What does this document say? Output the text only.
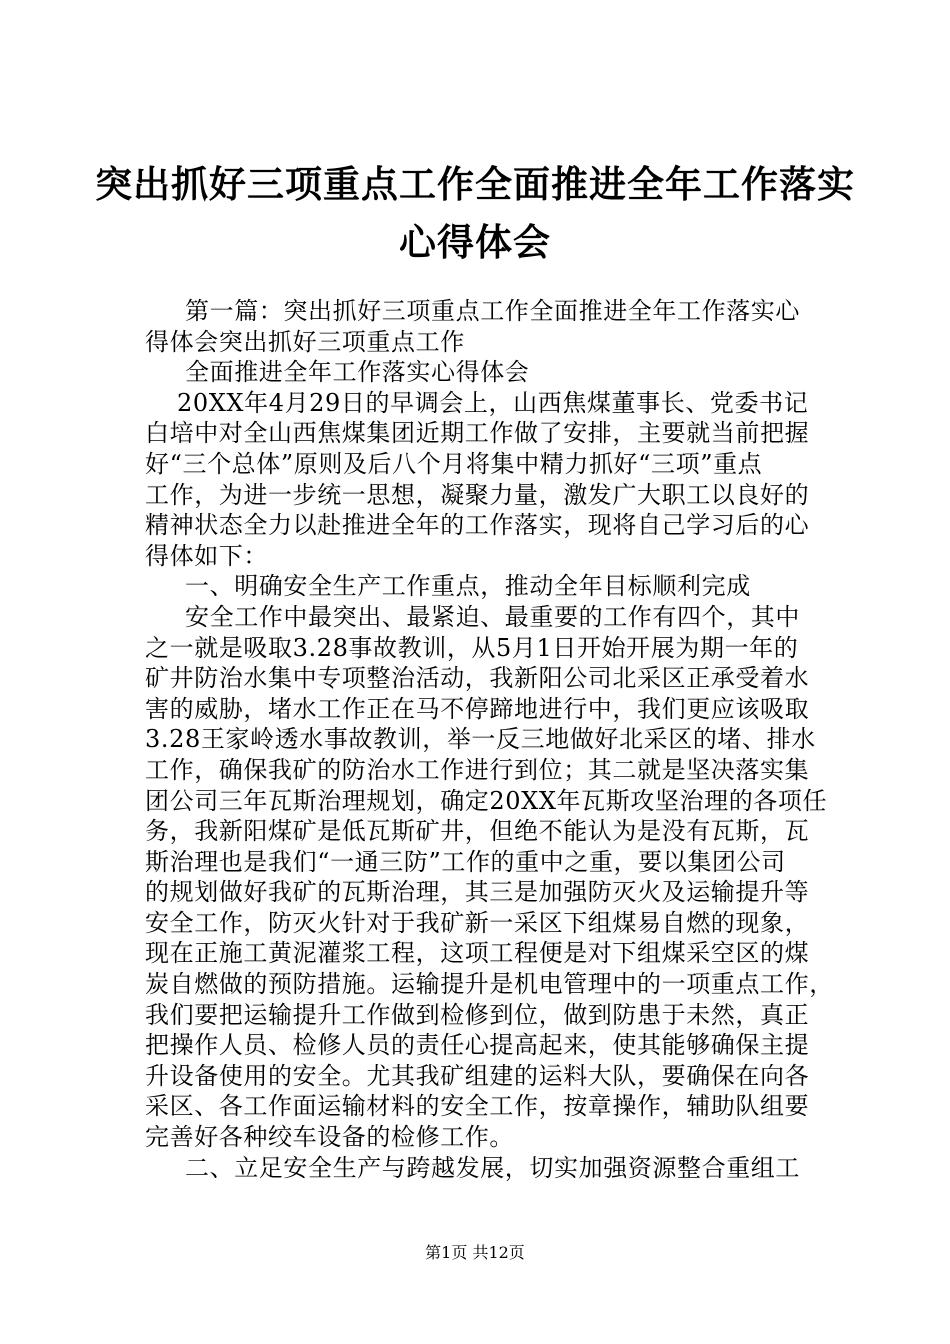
突出抓好三项重点工作全面推进全年工作落实
心得体会
第一篇：突出抓好三项重点工作全面推进全年工作落实心
得体会突出抓好三项重点工作
全面推进全年工作落实心得体会
20XX年4月29日的早调会上，山西焦煤董事长、党委书记
白培中对全山西焦煤集团近期工作做了安排，主要就当前把握
好“三个总体”原则及后八个月将集中精力抓好“三项”重点
工作，为进一步统一思想，凝聚力量，激发广大职工以良好的
精神状态全力以赴推进全年的工作落实，现将自己学习后的心
得体如下：
一、明确安全生产工作重点，推动全年目标顺利完成
安全工作中最突出、最紧迫、最重要的工作有四个，其中
之一就是吸取3.28事故教训，从5月1日开始开展为期一年的
矿井防治水集中专项整治活动，我新阳公司北采区正承受着水
害的威胁，堵水工作正在马不停蹄地进行中，我们更应该吸取
3.28王家岭透水事故教训，举一反三地做好北采区的堵、排水
工作，确保我矿的防治水工作进行到位；其二就是坚决落实集
团公司三年瓦斯治理规划，确定20XX年瓦斯攻坚治理的各项任
务，我新阳煤矿是低瓦斯矿井，但绝不能认为是没有瓦斯，瓦
斯治理也是我们“一通三防”工作的重中之重，要以集团公司
的规划做好我矿的瓦斯治理，其三是加强防灭火及运输提升等
安全工作，防灭火针对于我矿新一采区下组煤易自燃的现象，
现在正施工黄泥灌浆工程，这项工程便是对下组煤采空区的煤
炭自燃做的预防措施。运输提升是机电管理中的一项重点工作，
我们要把运输提升工作做到检修到位，做到防患于未然，真正
把操作人员、检修人员的责任心提高起来，使其能够确保主提
升设备使用的安全。尤其我矿组建的运料大队，要确保在向各
采区、各工作面运输材料的安全工作，按章操作，辅助队组要
完善好各种绞车设备的检修工作。
二、立足安全生产与跨越发展，切实加强资源整合重组工
第1页 共12页
